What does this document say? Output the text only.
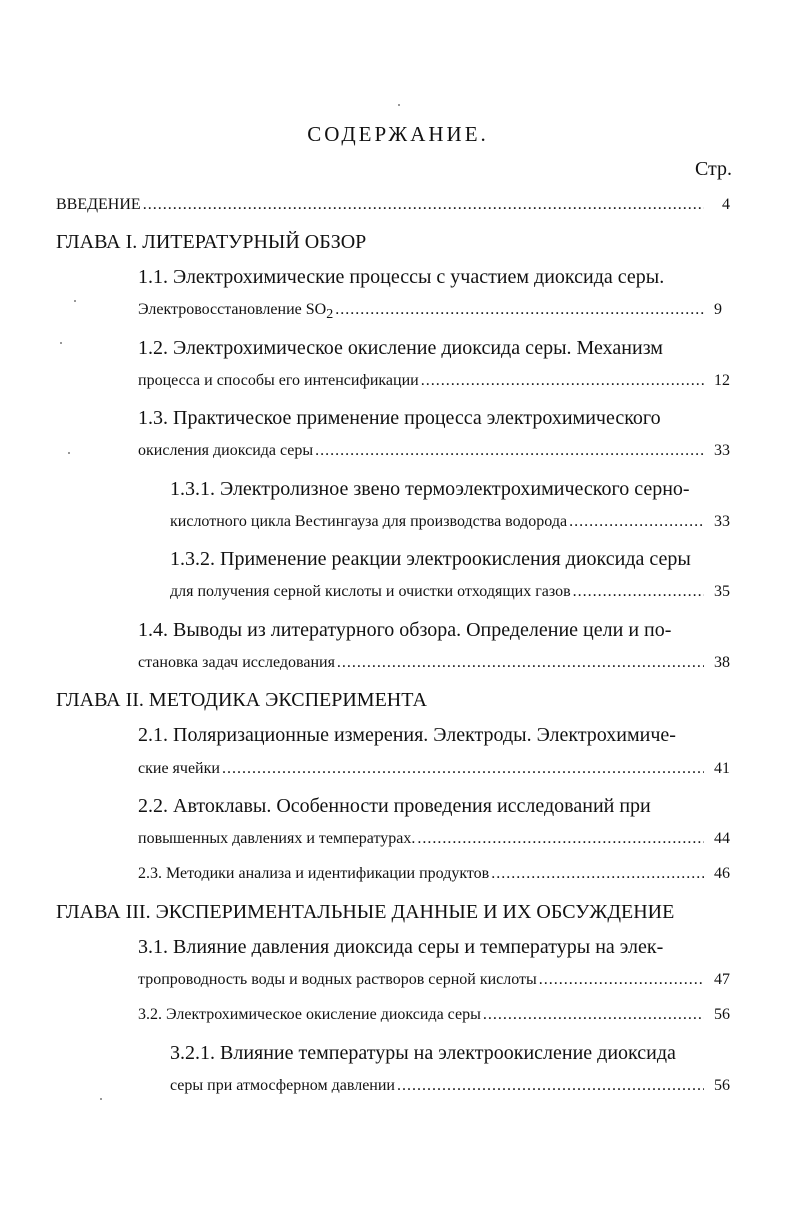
СОДЕРЖАНИЕ.
Стр.
ВВЕДЕНИЕ .....	4
ГЛАВА I. ЛИТЕРАТУРНЫЙ ОБЗОР
1.1. Электрохимические процессы с участием диоксида серы.
Электровосстановление $SO_2$ .....	9
1.2. Электрохимическое окисление диоксида серы. Механизм
процесса и способы его интенсификации .....	12
1.3. Практическое применение процесса электрохимического
окисления диоксида серы .....	33
1.3.1. Электролизное звено термоэлектрохимического серно-
кислотного цикла Вестингауза для производства водорода .....	33
1.3.2. Применение реакции электроокисления диоксида серы
для получения серной кислоты и очистки отходящих газов .....	35
1.4. Выводы из литературного обзора. Определение цели и по-
становка задач исследования .....	38
ГЛАВА II. МЕТОДИКА ЭКСПЕРИМЕНТА
2.1. Поляризационные измерения. Электроды. Электрохимиче-
ские ячейки .....	41
2.2. Автоклавы. Особенности проведения исследований при
повышенных давлениях и температурах. .....	44
2.3. Методики анализа и идентификации продуктов .....	46
ГЛАВА III. ЭКСПЕРИМЕНТАЛЬНЫЕ ДАННЫЕ И ИХ ОБСУЖДЕНИЕ
3.1. Влияние давления диоксида серы и температуры на элек-
тропроводность воды и водных растворов серной кислоты .....	47
3.2. Электрохимическое окисление диоксида серы .....	56
3.2.1. Влияние температуры на электроокисление диоксида
серы при атмосферном давлении .....	56
